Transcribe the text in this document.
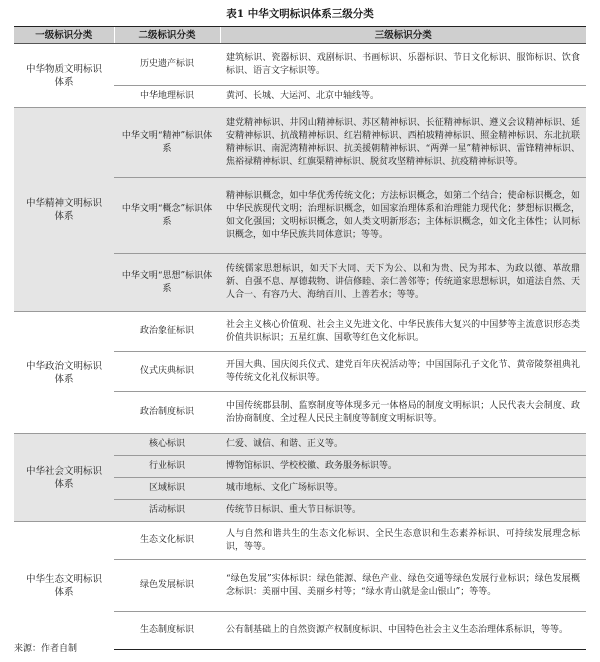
表1 中华文明标识体系三级分类
一级标识分类	二级标识分类	三级标识分类
中华物质文明标识体系	历史遗产标识	建筑标识、瓷器标识、戏剧标识、书画标识、乐器标识、节日文化标识、服饰标识、饮食标识、语言文字标识等。
	中华地理标识	黄河、长城、大运河、北京中轴线等。
中华精神文明标识体系	中华文明“精神”标识体系	建党精神标识、井冈山精神标识、苏区精神标识、长征精神标识、遵义会议精神标识、延安精神标识、抗战精神标识、红岩精神标识、西柏坡精神标识、照金精神标识、东北抗联精神标识、南泥湾精神标识、抗美援朝精神标识、“两弹一星”精神标识、雷锋精神标识、焦裕禄精神标识、红旗渠精神标识、脱贫攻坚精神标识、抗疫精神标识等。
	中华文明“概念”标识体系	精神标识概念，如中华优秀传统文化；方法标识概念，如第二个结合；使命标识概念，如中华民族现代文明；治理标识概念，如国家治理体系和治理能力现代化；梦想标识概念，如文化强国；文明标识概念，如人类文明新形态；主体标识概念，如文化主体性；认同标识概念，如中华民族共同体意识；等等。
	中华文明“思想”标识体系	传统儒家思想标识，如天下大同、天下为公、以和为贵、民为邦本、为政以德、革故鼎新、自强不息、厚德载物、讲信修睦、亲仁善邻等；传统道家思想标识，如道法自然、天人合一、有容乃大、海纳百川、上善若水；等等。
中华政治文明标识体系	政治象征标识	社会主义核心价值观、社会主义先进文化、中华民族伟大复兴的中国梦等主流意识形态类价值共识标识；五星红旗、国歌等红色文化标识。
	仪式庆典标识	开国大典、国庆阅兵仪式、建党百年庆祝活动等；中国国际孔子文化节、黄帝陵祭祖典礼等传统文化礼仪标识等。
	政治制度标识	中国传统郡县制、监察制度等体现多元一体格局的制度文明标识；人民代表大会制度、政治协商制度、全过程人民民主制度等制度文明标识等。
中华社会文明标识体系	核心标识	仁爱、诚信、和谐、正义等。
	行业标识	博物馆标识、学校校徽、政务服务标识等。
	区域标识	城市地标、文化广场标识等。
	活动标识	传统节日标识、重大节日标识等。
中华生态文明标识体系	生态文化标识	人与自然和谐共生的生态文化标识、全民生态意识和生态素养标识、可持续发展理念标识，等等。
	绿色发展标识	“绿色发展”实体标识：绿色能源、绿色产业、绿色交通等绿色发展行业标识；绿色发展概念标识：美丽中国、美丽乡村等；“绿水青山就是金山银山”；等等。
	生态制度标识	公有制基础上的自然资源产权制度标识、中国特色社会主义生态治理体系标识，等等。
来源：作者自制
